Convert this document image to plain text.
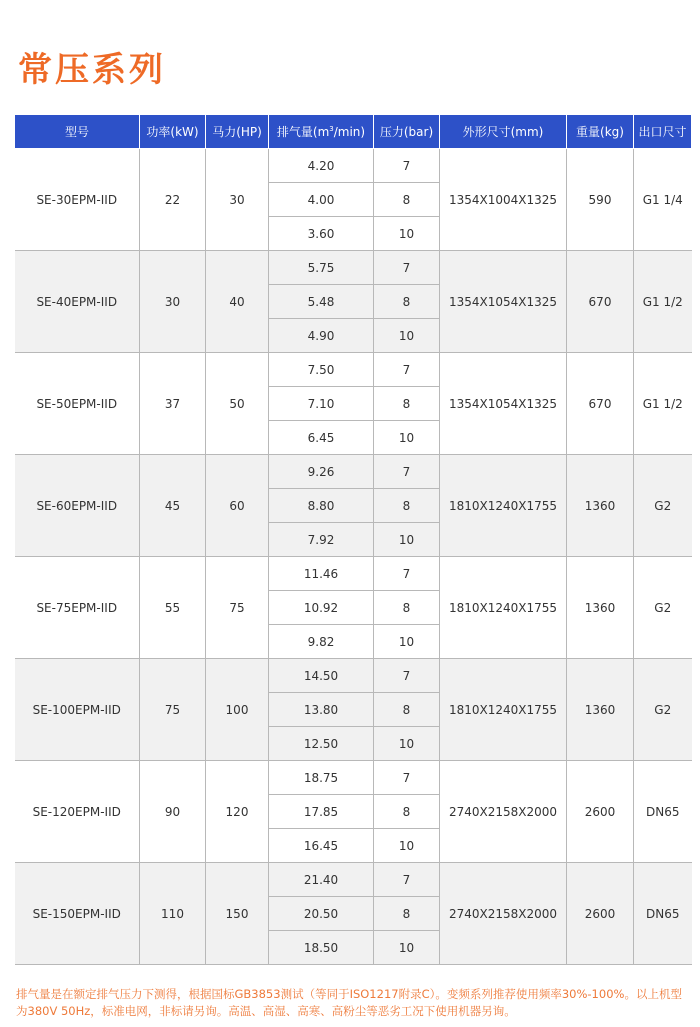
常压系列
型号	功率(kW)	马力(HP)	排气量$(m^3/\min)$	压力(bar)	外形尺寸(mm)	重量(kg)	出口尺寸
SE-30EPM-IID	22	30	4.20	7	1354X1004X1325	590	G1 1/4
			4.00	8			
			3.60	10			
SE-40EPM-IID	30	40	5.75	7	1354X1054X1325	670	G1 1/2
			5.48	8			
			4.90	10			
SE-50EPM-IID	37	50	7.50	7	1354X1054X1325	670	G1 1/2
			7.10	8			
			6.45	10			
SE-60EPM-IID	45	60	9.26	7	1810X1240X1755	1360	G2
			8.80	8			
			7.92	10			
SE-75EPM-IID	55	75	11.46	7	1810X1240X1755	1360	G2
			10.92	8			
			9.82	10			
SE-100EPM-IID	75	100	14.50	7	1810X1240X1755	1360	G2
			13.80	8			
			12.50	10			
SE-120EPM-IID	90	120	18.75	7	2740X2158X2000	2600	DN65
			17.85	8			
			16.45	10			
SE-150EPM-IID	110	150	21.40	7	2740X2158X2000	2600	DN65
			20.50	8			
			18.50	10			

排气量是在额定排气压力下测得，根据国标GB3853测试（等同于ISO1217附录C）。变频系列推荐使用频率30%-100%。以上机型为380V 50Hz，标准电网，非标请另询。高温、高湿、高寒、高粉尘等恶劣工况下使用机器另询。
